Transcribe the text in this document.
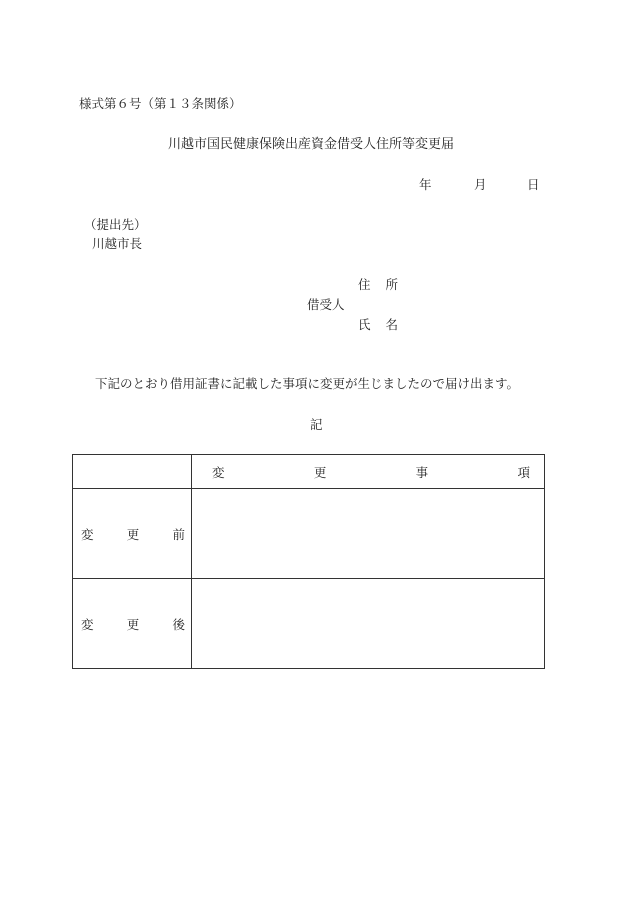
様式第６号（第１３条関係）
川越市国民健康保険出産資金借受人住所等変更届
年	月	日
（提出先）
川越市長
住 所
借受人
氏 名
下記のとおり借用証書に記載した事項に変更が生じましたので届け出ます。
記

	変 更 事 項

変 更 前	

変 更 後	
